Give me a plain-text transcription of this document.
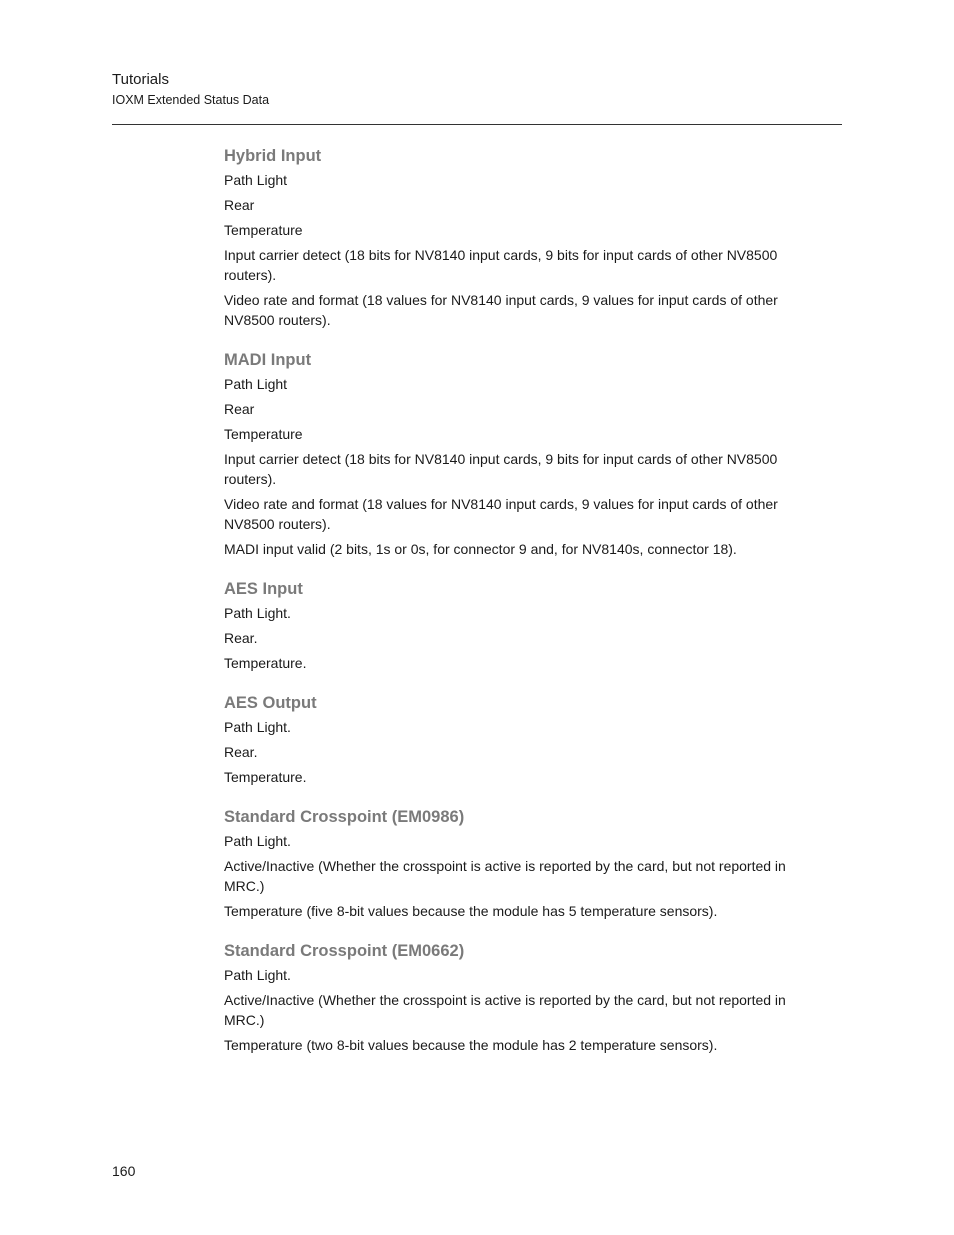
Tutorials

IOXM Extended Status Data

Hybrid Input

Path Light

Rear

Temperature

Input carrier detect (18 bits for NV8140 input cards, 9 bits for input cards of other NV8500 routers).

Video rate and format (18 values for NV8140 input cards, 9 values for input cards of other NV8500 routers).

MADI Input

Path Light

Rear

Temperature

Input carrier detect (18 bits for NV8140 input cards, 9 bits for input cards of other NV8500 routers).

Video rate and format (18 values for NV8140 input cards, 9 values for input cards of other NV8500 routers).

MADI input valid (2 bits, 1s or 0s, for connector 9 and, for NV8140s, connector 18).

AES Input

Path Light.

Rear.

Temperature.

AES Output

Path Light.

Rear.

Temperature.

Standard Crosspoint (EM0986)

Path Light.

Active/Inactive (Whether the crosspoint is active is reported by the card, but not reported in MRC.)

Temperature (five 8-bit values because the module has 5 temperature sensors).

Standard Crosspoint (EM0662)

Path Light.

Active/Inactive (Whether the crosspoint is active is reported by the card, but not reported in MRC.)

Temperature (two 8-bit values because the module has 2 temperature sensors).

160
